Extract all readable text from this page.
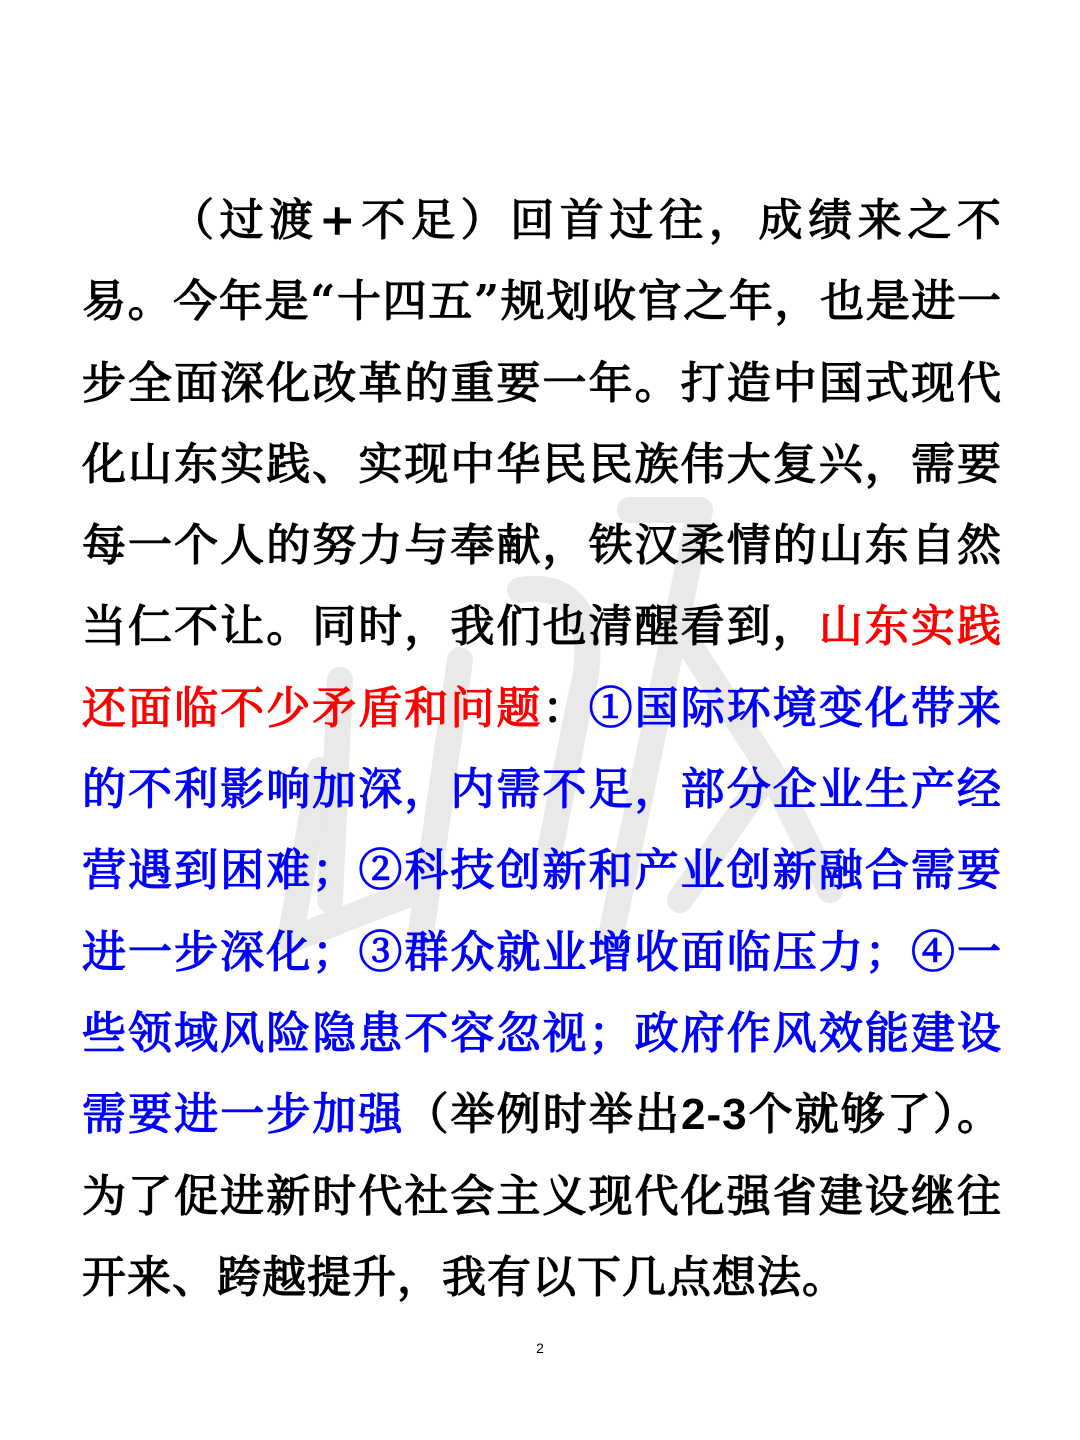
（过渡+不足）回首过往，成绩来之不易。今年是“十四五”规划收官之年，也是进一步全面深化改革的重要一年。打造中国式现代化山东实践、实现中华民民族伟大复兴，需要每一个人的努力与奉献，铁汉柔情的山东自然当仁不让。同时，我们也清醒看到，山东实践还面临不少矛盾和问题：①国际环境变化带来的不利影响加深，内需不足，部分企业生产经营遇到困难；②科技创新和产业创新融合需要进一步深化；③群众就业增收面临压力；④一些领域风险隐患不容忽视；政府作风效能建设需要进一步加强（举例时举出2-3个就够了）。为了促进新时代社会主义现代化强省建设继往开来、跨越提升，我有以下几点想法。

2
